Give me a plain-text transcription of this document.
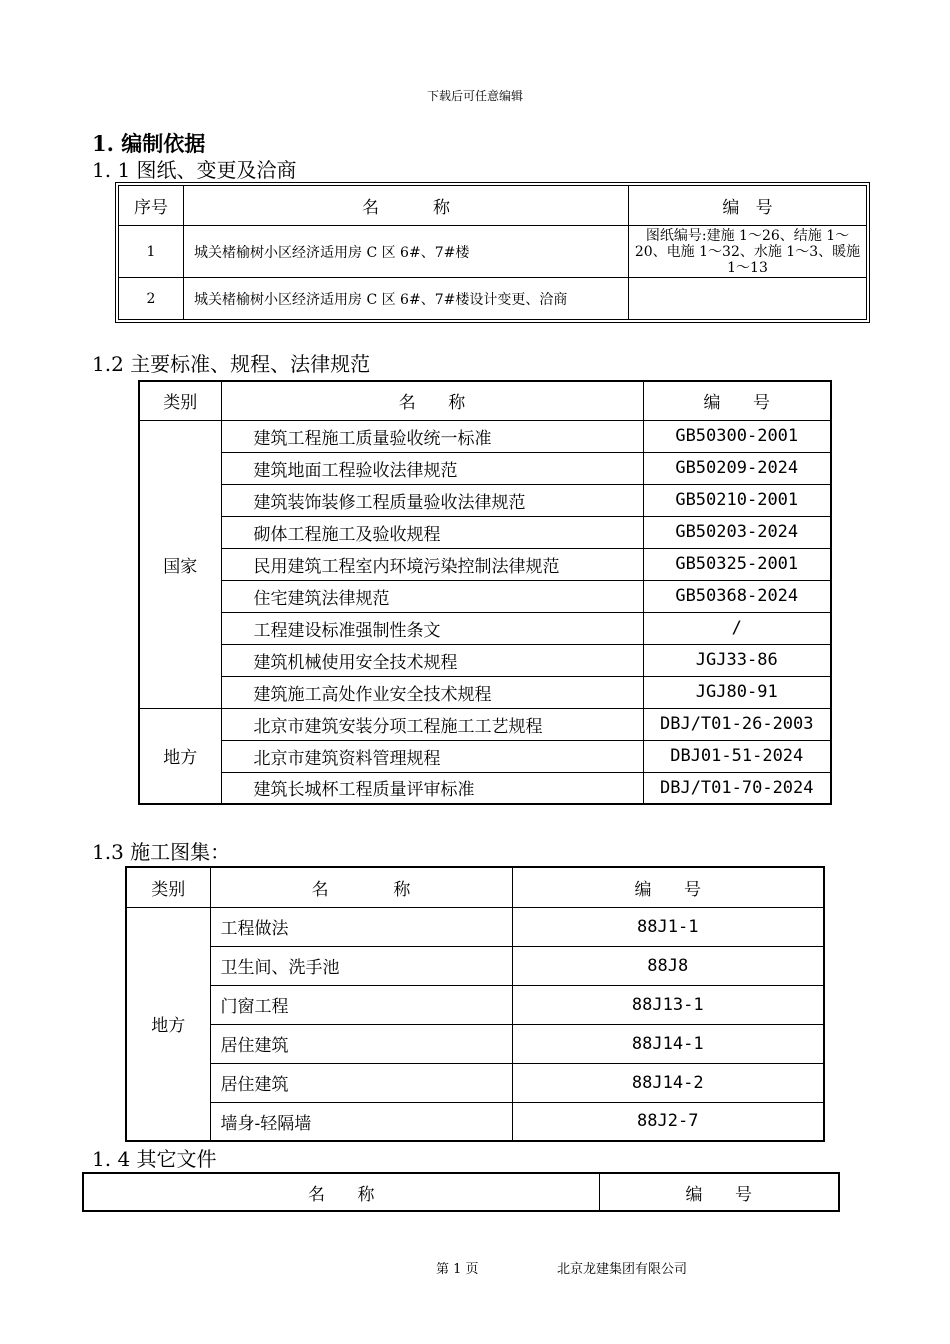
下载后可任意编辑
1. 编制依据
1. 1 图纸、变更及洽商
序号	名          称	编   号
1	城关楮榆树小区经济适用房 C 区 6#、7#楼	图纸编号:建施 1～26、结施 1～20、电施 1～32、水施 1～3、暖施 1～13
2	城关楮榆树小区经济适用房 C 区 6#、7#楼设计变更、洽商	
1.2 主要标准、规程、法律规范
类别	名      称	编      号
国家	建筑工程施工质量验收统一标准	GB50300-2001
	建筑地面工程验收法律规范	GB50209-2024
	建筑装饰装修工程质量验收法律规范	GB50210-2001
	砌体工程施工及验收规程	GB50203-2024
	民用建筑工程室内环境污染控制法律规范	GB50325-2001
	住宅建筑法律规范	GB50368-2024
	工程建设标准强制性条文	/
	建筑机械使用安全技术规程	JGJ33-86
	建筑施工高处作业安全技术规程	JGJ80-91
地方	北京市建筑安装分项工程施工工艺规程	DBJ/T01-26-2003
	北京市建筑资料管理规程	DBJ01-51-2024
	建筑长城杯工程质量评审标准	DBJ/T01-70-2024
1.3 施工图集：
类别	名            称	编      号
地方	工程做法	88J1-1
	卫生间、洗手池	88J8
	门窗工程	88J13-1
	居住建筑	88J14-1
	居住建筑	88J14-2
	墙身-轻隔墙	88J2-7
1. 4 其它文件
名      称	编      号
第 1 页	北京龙建集团有限公司
